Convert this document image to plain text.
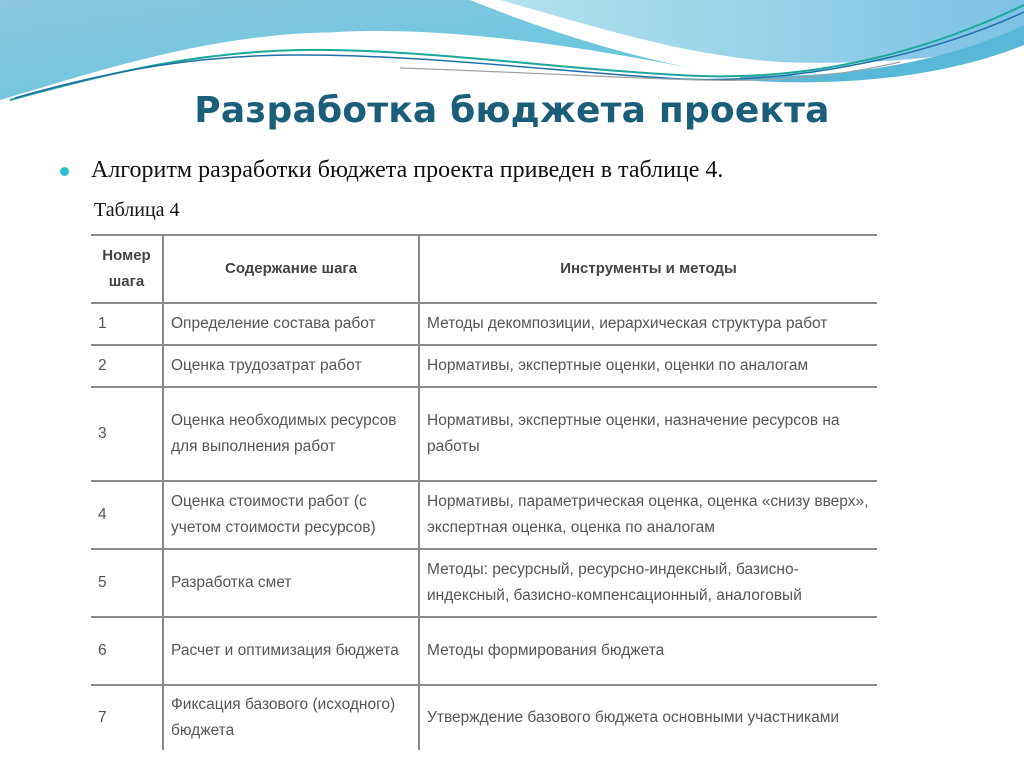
Разработка бюджета проекта
Алгоритм разработки бюджета проекта приведен в таблице 4.
Таблица 4
Номер
шага	Содержание шага	Инструменты и методы
1	Определение состава работ	Методы декомпозиции, иерархическая структура работ
2	Оценка трудозатрат работ	Нормативы, экспертные оценки, оценки по аналогам
3	Оценка необходимых ресурсов для выполнения работ	Нормативы, экспертные оценки, назначение ресурсов на работы
4	Оценка стоимости работ (с учетом стоимости ресурсов)	Нормативы, параметрическая оценка, оценка «снизу вверх», экспертная оценка, оценка по аналогам
5	Разработка смет	Методы: ресурсный, ресурсно-индексный, базисно-индексный, базисно-компенсационный, аналоговый
6	Расчет и оптимизация бюджета	Методы формирования бюджета
7	Фиксация базового (исходного) бюджета	Утверждение базового бюджета основными участниками
